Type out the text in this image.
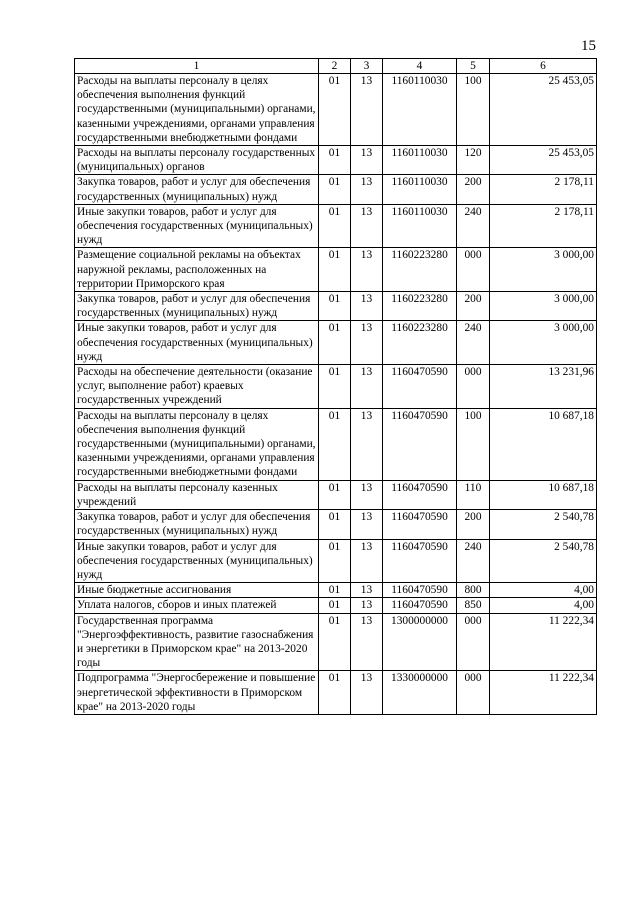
15
1	2	3	4	5	6
Расходы на выплаты персоналу в целях обеспечения выполнения функций государственными (муниципальными) органами, казенными учреждениями, органами управления государственными внебюджетными фондами	01	13	1160110030	100	25 453,05
Расходы на выплаты персоналу государственных (муниципальных) органов	01	13	1160110030	120	25 453,05
Закупка товаров, работ и услуг для обеспечения государственных (муниципальных) нужд	01	13	1160110030	200	2 178,11
Иные закупки товаров, работ и услуг для обеспечения государственных (муниципальных) нужд	01	13	1160110030	240	2 178,11
Размещение социальной рекламы на объектах наружной рекламы, расположенных на территории Приморского края	01	13	1160223280	000	3 000,00
Закупка товаров, работ и услуг для обеспечения государственных (муниципальных) нужд	01	13	1160223280	200	3 000,00
Иные закупки товаров, работ и услуг для обеспечения государственных (муниципальных) нужд	01	13	1160223280	240	3 000,00
Расходы на обеспечение деятельности (оказание услуг, выполнение работ) краевых государственных учреждений	01	13	1160470590	000	13 231,96
Расходы на выплаты персоналу в целях обеспечения выполнения функций государственными (муниципальными) органами, казенными учреждениями, органами управления государственными внебюджетными фондами	01	13	1160470590	100	10 687,18
Расходы на выплаты персоналу казенных учреждений	01	13	1160470590	110	10 687,18
Закупка товаров, работ и услуг для обеспечения государственных (муниципальных) нужд	01	13	1160470590	200	2 540,78
Иные закупки товаров, работ и услуг для обеспечения государственных (муниципальных) нужд	01	13	1160470590	240	2 540,78
Иные бюджетные ассигнования	01	13	1160470590	800	4,00
Уплата налогов, сборов и иных платежей	01	13	1160470590	850	4,00
Государственная программа "Энергоэффективность, развитие газоснабжения и энергетики в Приморском крае" на 2013-2020 годы	01	13	1300000000	000	11 222,34
Подпрограмма "Энергосбережение и повышение энергетической эффективности в Приморском крае" на 2013-2020 годы	01	13	1330000000	000	11 222,34
